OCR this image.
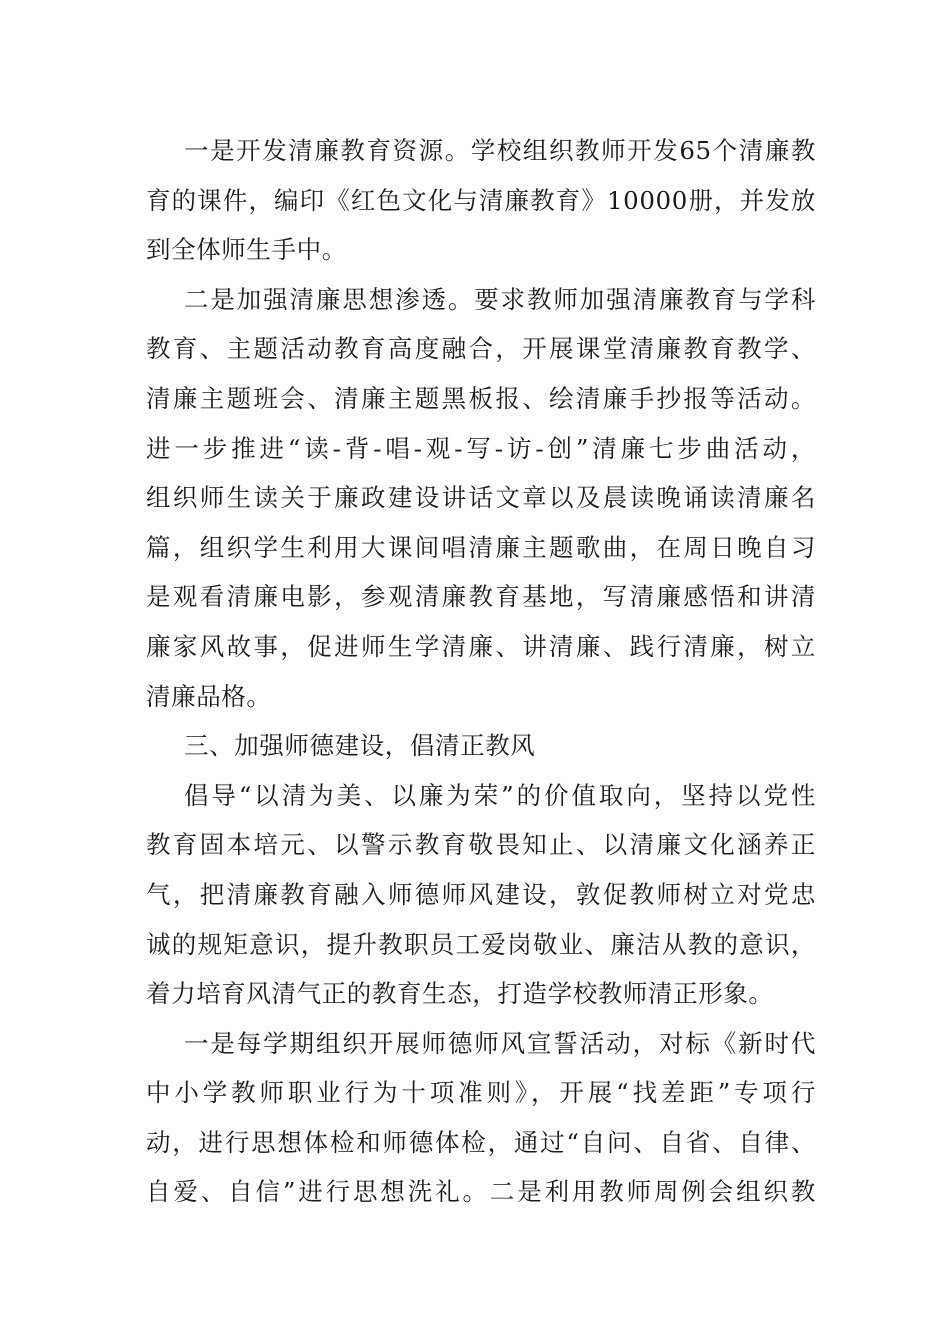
一是开发清廉教育资源。学校组织教师开发65个清廉教
育的课件，编印《红色文化与清廉教育》10000册，并发放
到全体师生手中。
二是加强清廉思想渗透。要求教师加强清廉教育与学科
教育、主题活动教育高度融合，开展课堂清廉教育教学、
清廉主题班会、清廉主题黑板报、绘清廉手抄报等活动。
进一步推进“读-背-唱-观-写-访-创”清廉七步曲活动，
组织师生读关于廉政建设讲话文章以及晨读晚诵读清廉名
篇，组织学生利用大课间唱清廉主题歌曲，在周日晚自习
是观看清廉电影，参观清廉教育基地，写清廉感悟和讲清
廉家风故事，促进师生学清廉、讲清廉、践行清廉，树立
清廉品格。
三、加强师德建设，倡清正教风
倡导“以清为美、以廉为荣”的价值取向，坚持以党性
教育固本培元、以警示教育敬畏知止、以清廉文化涵养正
气，把清廉教育融入师德师风建设，敦促教师树立对党忠
诚的规矩意识，提升教职员工爱岗敬业、廉洁从教的意识，
着力培育风清气正的教育生态，打造学校教师清正形象。
一是每学期组织开展师德师风宣誓活动，对标《新时代
中小学教师职业行为十项准则》，开展“找差距”专项行
动，进行思想体检和师德体检，通过“自问、自省、自律、
自爱、自信”进行思想洗礼。二是利用教师周例会组织教
